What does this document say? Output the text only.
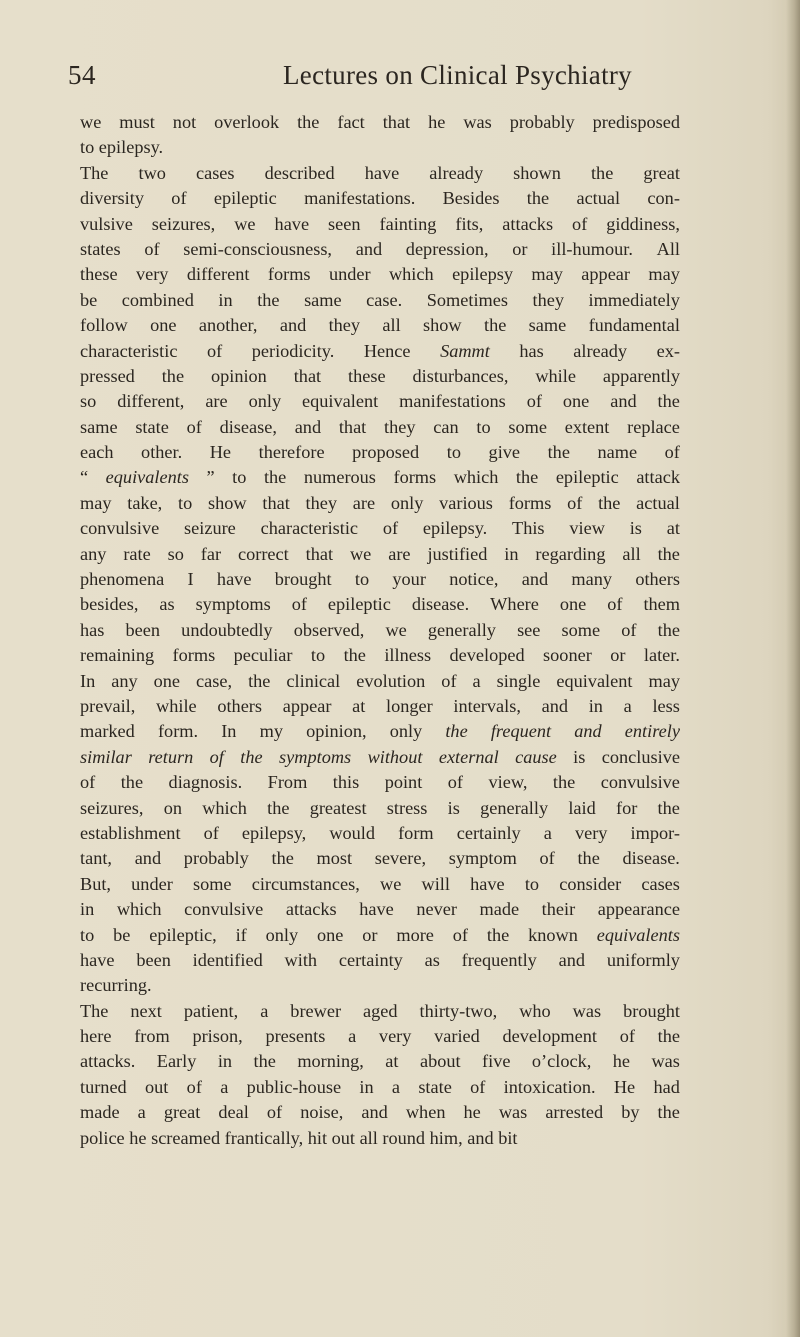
54	Lectures on Clinical Psychiatry
we must not overlook the fact that he was probably predisposed
to epilepsy.
The two cases described have already shown the great
diversity of epileptic manifestations. Besides the actual con-
vulsive seizures, we have seen fainting fits, attacks of giddiness,
states of semi-consciousness, and depression, or ill-humour. All
these very different forms under which epilepsy may appear may
be combined in the same case. Sometimes they immediately
follow one another, and they all show the same fundamental
characteristic of periodicity. Hence Sammt has already ex-
pressed the opinion that these disturbances, while apparently
so different, are only equivalent manifestations of one and the
same state of disease, and that they can to some extent replace
each other. He therefore proposed to give the name of
“ equivalents ” to the numerous forms which the epileptic attack
may take, to show that they are only various forms of the actual
convulsive seizure characteristic of epilepsy. This view is at
any rate so far correct that we are justified in regarding all the
phenomena I have brought to your notice, and many others
besides, as symptoms of epileptic disease. Where one of them
has been undoubtedly observed, we generally see some of the
remaining forms peculiar to the illness developed sooner or later.
In any one case, the clinical evolution of a single equivalent may
prevail, while others appear at longer intervals, and in a less
marked form. In my opinion, only the frequent and entirely
similar return of the symptoms without external cause is conclusive
of the diagnosis. From this point of view, the convulsive
seizures, on which the greatest stress is generally laid for the
establishment of epilepsy, would form certainly a very impor-
tant, and probably the most severe, symptom of the disease.
But, under some circumstances, we will have to consider cases
in which convulsive attacks have never made their appearance
to be epileptic, if only one or more of the known equivalents
have been identified with certainty as frequently and uniformly
recurring.
The next patient, a brewer aged thirty-two, who was brought
here from prison, presents a very varied development of the
attacks. Early in the morning, at about five o’clock, he was
turned out of a public-house in a state of intoxication. He had
made a great deal of noise, and when he was arrested by the
police he screamed frantically, hit out all round him, and bit
